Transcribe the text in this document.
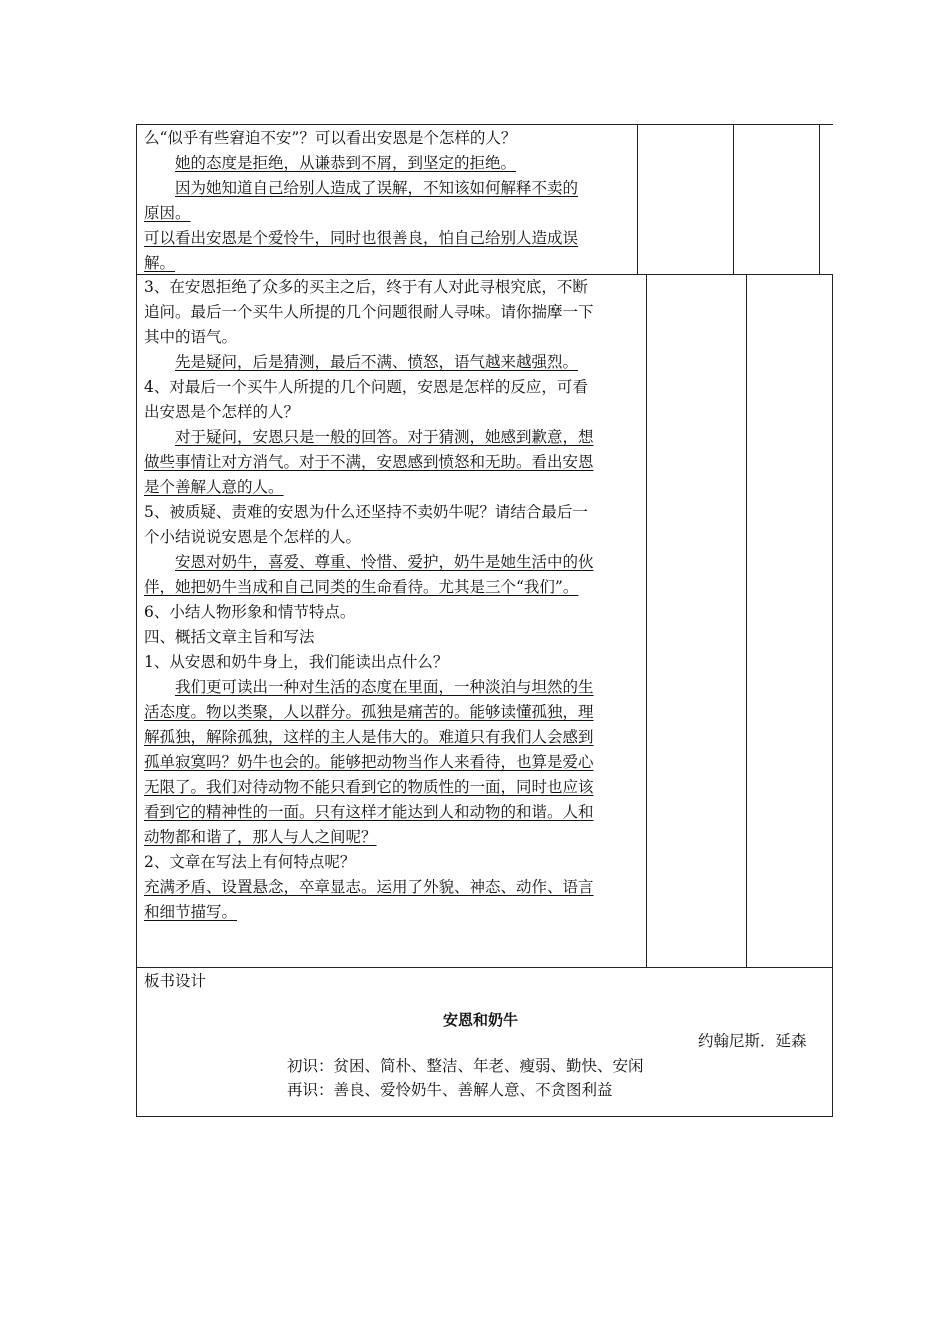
么“似乎有些窘迫不安”？可以看出安恩是个怎样的人？
她的态度是拒绝，从谦恭到不屑，到坚定的拒绝。
因为她知道自己给别人造成了误解，不知该如何解释不卖的
原因。
可以看出安恩是个爱怜牛，同时也很善良，怕自己给别人造成误
解。
3、在安恩拒绝了众多的买主之后，终于有人对此寻根究底，不断
追问。最后一个买牛人所提的几个问题很耐人寻味。请你揣摩一下
其中的语气。
先是疑问，后是猜测，最后不满、愤怒，语气越来越强烈。
4、对最后一个买牛人所提的几个问题，安恩是怎样的反应，可看
出安恩是个怎样的人？
对于疑问，安恩只是一般的回答。对于猜测，她感到歉意，想
做些事情让对方消气。对于不满，安恩感到愤怒和无助。看出安恩
是个善解人意的人。
5、被质疑、责难的安恩为什么还坚持不卖奶牛呢？请结合最后一
个小结说说安恩是个怎样的人。
安恩对奶牛，喜爱、尊重、怜惜、爱护，奶牛是她生活中的伙
伴，她把奶牛当成和自己同类的生命看待。尤其是三个“我们”。
6、小结人物形象和情节特点。
四、概括文章主旨和写法
1、从安恩和奶牛身上，我们能读出点什么？
我们更可读出一种对生活的态度在里面，一种淡泊与坦然的生
活态度。物以类聚，人以群分。孤独是痛苦的。能够读懂孤独，理
解孤独，解除孤独，这样的主人是伟大的。难道只有我们人会感到
孤单寂寞吗？奶牛也会的。能够把动物当作人来看待，也算是爱心
无限了。我们对待动物不能只看到它的物质性的一面，同时也应该
看到它的精神性的一面。只有这样才能达到人和动物的和谐。人和
动物都和谐了，那人与人之间呢？
2、文章在写法上有何特点呢？
充满矛盾、设置悬念，卒章显志。运用了外貌、神态、动作、语言
和细节描写。
板书设计
安恩和奶牛
约翰尼斯．延森
初识：贫困、简朴、整洁、年老、瘦弱、勤快、安闲
再识：善良、爱怜奶牛、善解人意、不贪图利益
